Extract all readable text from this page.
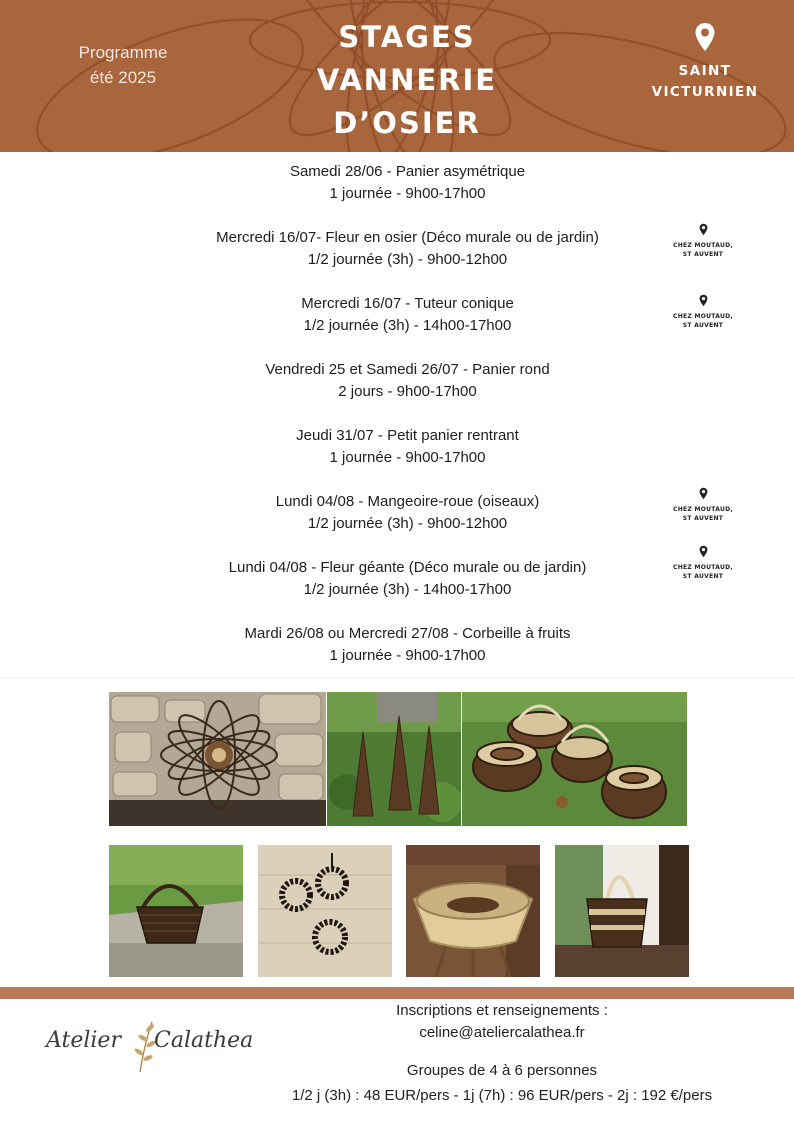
Programme
été 2025
STAGES
VANNERIE
D’OSIER
SAINT
VICTURNIEN
Samedi 28/06 - Panier asymétrique
1 journée - 9h00-17h00
Mercredi 16/07- Fleur en osier (Déco murale ou de jardin)
1/2 journée (3h) - 9h00-12h00
CHEZ MOUTAUD,
ST AUVENT
Mercredi 16/07 - Tuteur conique
1/2 journée (3h) - 14h00-17h00
CHEZ MOUTAUD,
ST AUVENT
Vendredi 25 et Samedi 26/07 - Panier rond
2 jours - 9h00-17h00
Jeudi 31/07 - Petit panier rentrant
1 journée - 9h00-17h00
Lundi 04/08 - Mangeoire-roue (oiseaux)
1/2 journée (3h) - 9h00-12h00
CHEZ MOUTAUD,
ST AUVENT
Lundi 04/08 - Fleur géante (Déco murale ou de jardin)
1/2 journée (3h) - 14h00-17h00
CHEZ MOUTAUD,
ST AUVENT
Mardi 26/08 ou Mercredi 27/08 - Corbeille à fruits
1 journée - 9h00-17h00
Atelier Calathea
Inscriptions et renseignements :
celine@ateliercalathea.fr
Groupes de 4 à 6 personnes
1/2 j (3h) : 48 EUR/pers - 1j (7h) : 96 EUR/pers - 2j : 192 €/pers
